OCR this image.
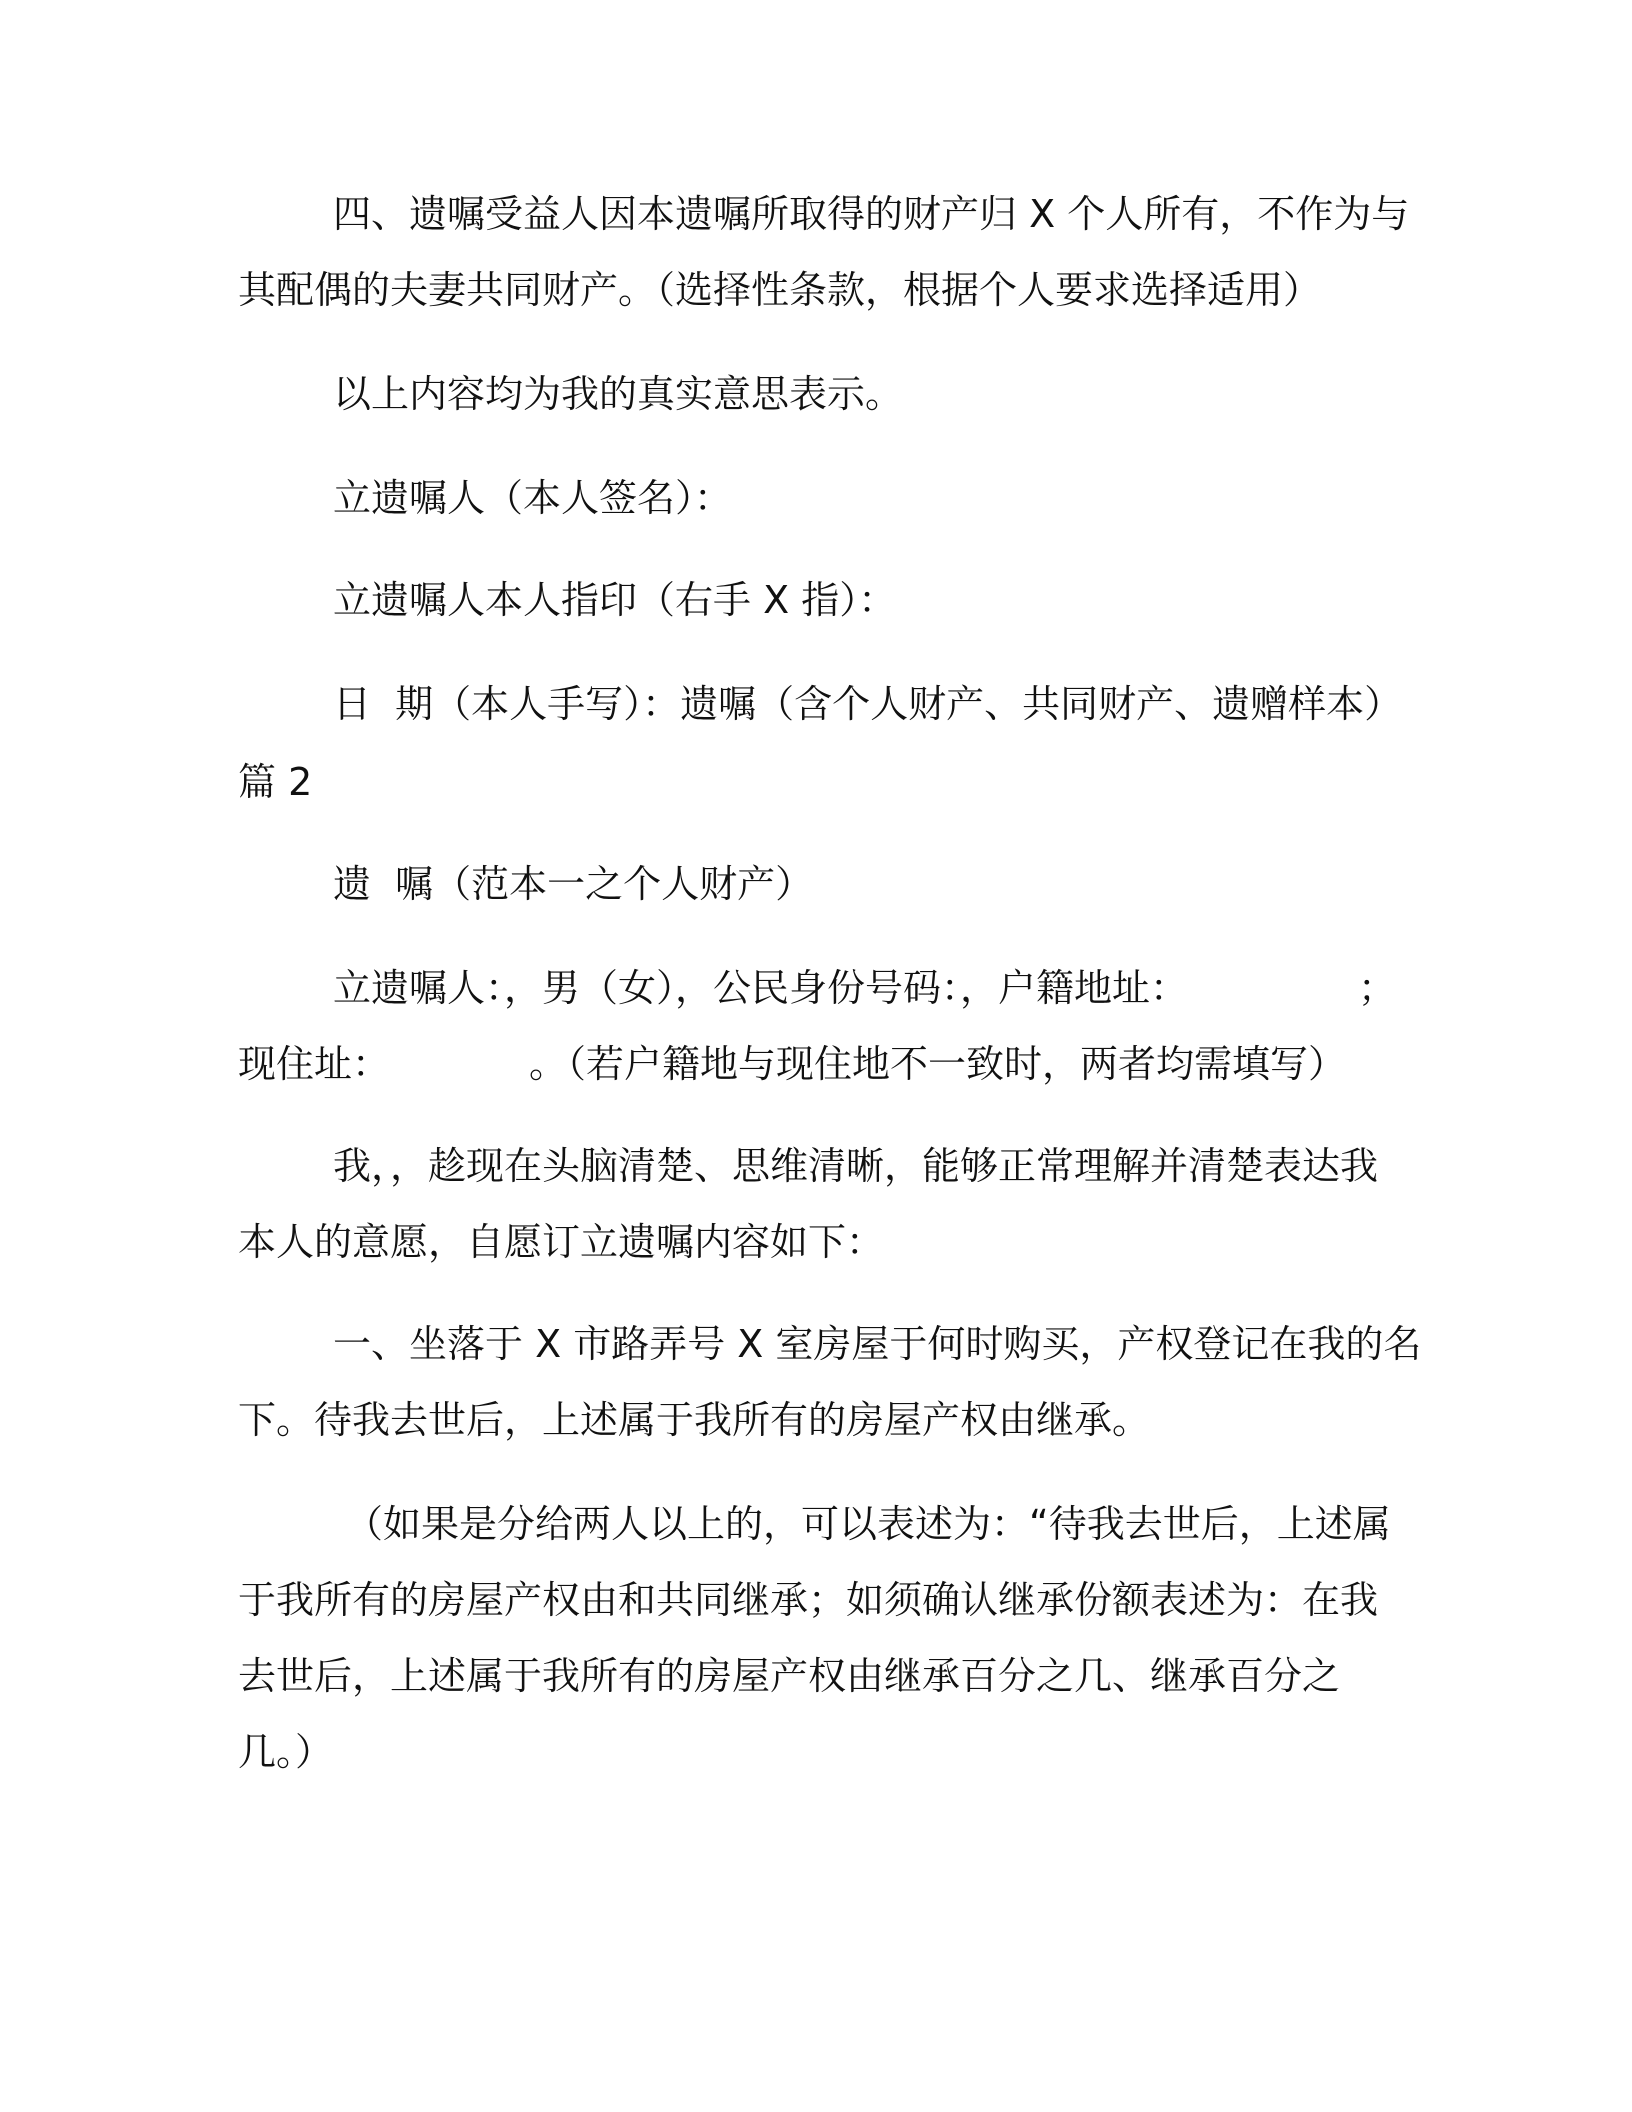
四、遗嘱受益人因本遗嘱所取得的财产归 X 个人所有，不作为与
其配偶的夫妻共同财产。（选择性条款，根据个人要求选择适用）
以上内容均为我的真实意思表示。
立遗嘱人（本人签名）：
立遗嘱人本人指印（右手 X 指）：
日  期（本人手写）：遗嘱（含个人财产、共同财产、遗赠样本）
篇 2
遗  嘱（范本一之个人财产）
立遗嘱人：，男（女），公民身份号码：，户籍地址：	；
现住址：	。（若户籍地与现住地不一致时，两者均需填写）
我，，趁现在头脑清楚、思维清晰，能够正常理解并清楚表达我
本人的意愿，自愿订立遗嘱内容如下：
一、坐落于 X 市路弄号 X 室房屋于何时购买，产权登记在我的名
下。待我去世后，上述属于我所有的房屋产权由继承。
（如果是分给两人以上的，可以表述为：“待我去世后，上述属
于我所有的房屋产权由和共同继承；如须确认继承份额表述为：在我
去世后，上述属于我所有的房屋产权由继承百分之几、继承百分之
几。）
